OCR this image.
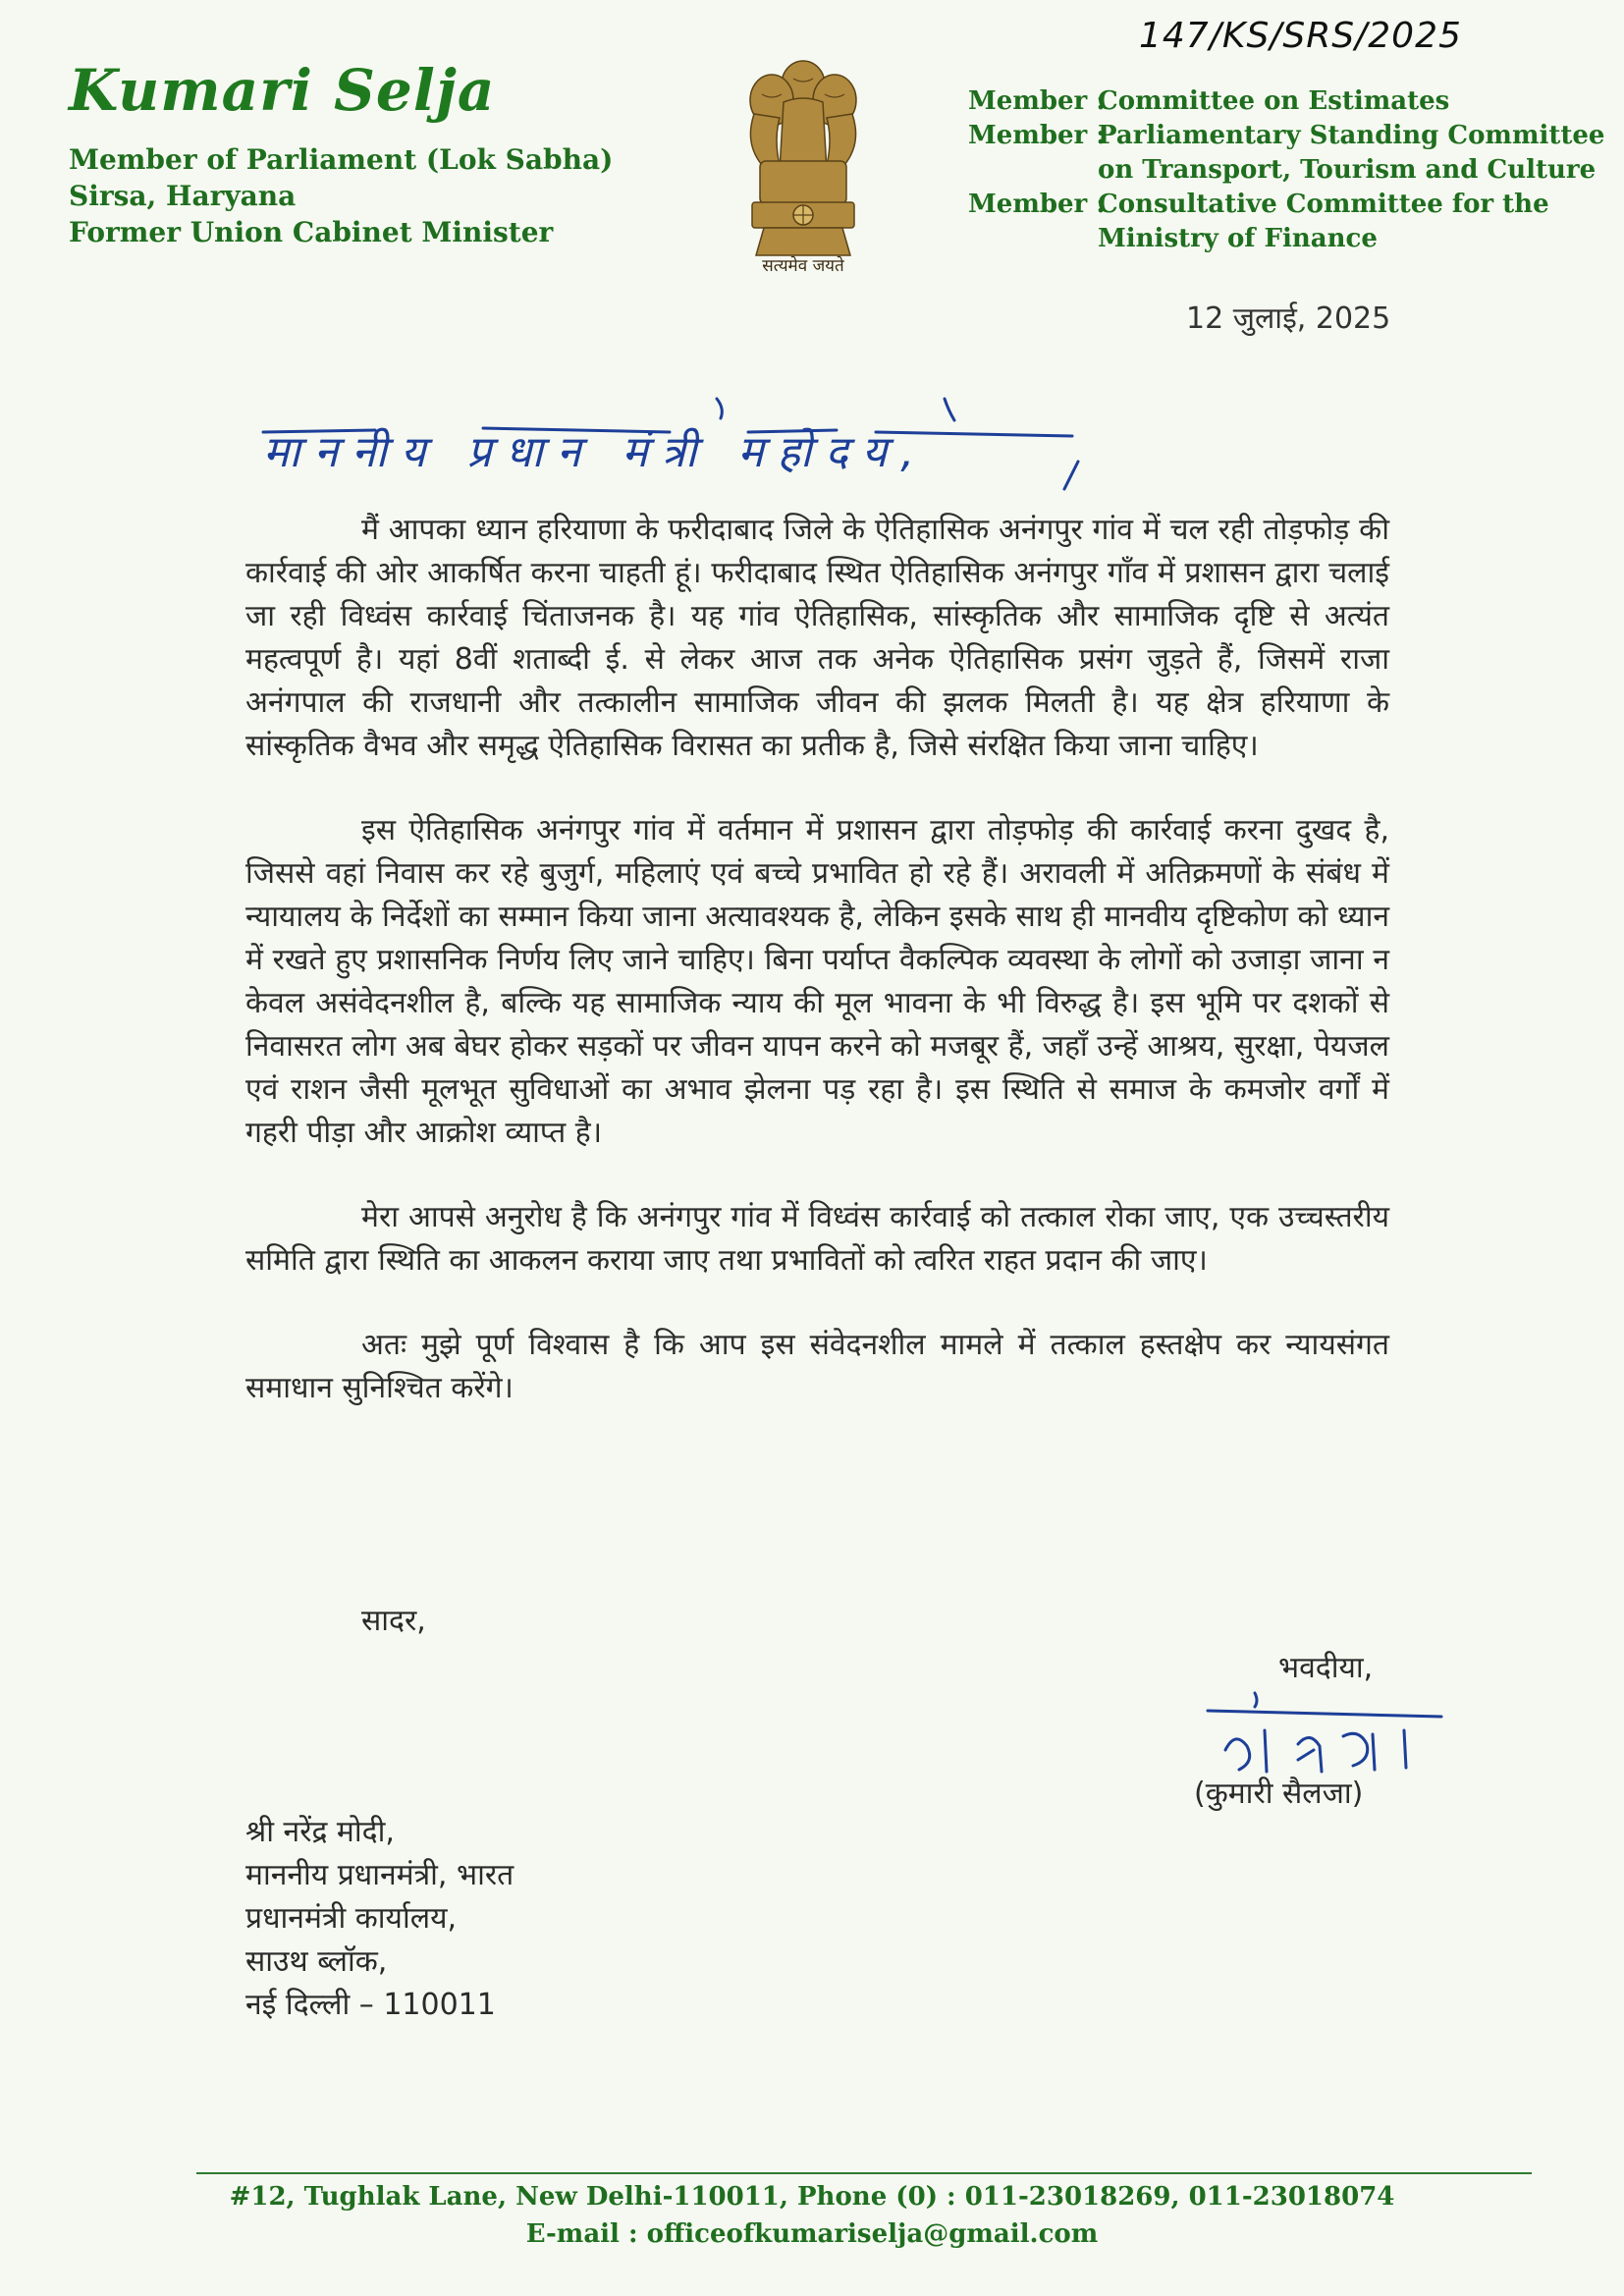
147/KS/SRS/2025
Kumari Selja
Member of Parliament (Lok Sabha)
Sirsa, Haryana
Former Union Cabinet Minister
सत्यमेव जयते
Member :
Committee on Estimates
Member :
Parliamentary Standing Committee
on Transport, Tourism and Culture
Member :
Consultative Committee for the
Ministry of Finance
12 जुलाई, 2025
माननीय प्रधान मंत्री महोदय,

मैं आपका ध्यान हरियाणा के फरीदाबाद जिले के ऐतिहासिक अनंगपुर गांव में चल रही तोड़फोड़ की कार्रवाई की ओर आकर्षित करना चाहती हूं। फरीदाबाद स्थित ऐतिहासिक अनंगपुर गाँव में प्रशासन द्वारा चलाई जा रही विध्वंस कार्रवाई चिंताजनक है। यह गांव ऐतिहासिक, सांस्कृतिक और सामाजिक दृष्टि से अत्यंत महत्वपूर्ण है। यहां 8वीं शताब्दी ई. से लेकर आज तक अनेक ऐतिहासिक प्रसंग जुड़ते हैं, जिसमें राजा अनंगपाल की राजधानी और तत्कालीन सामाजिक जीवन की झलक मिलती है। यह क्षेत्र हरियाणा के सांस्कृतिक वैभव और समृद्ध ऐतिहासिक विरासत का प्रतीक है, जिसे संरक्षित किया जाना चाहिए।

इस ऐतिहासिक अनंगपुर गांव में वर्तमान में प्रशासन द्वारा तोड़फोड़ की कार्रवाई करना दुखद है, जिससे वहां निवास कर रहे बुजुर्ग, महिलाएं एवं बच्चे प्रभावित हो रहे हैं। अरावली में अतिक्रमणों के संबंध में न्यायालय के निर्देशों का सम्मान किया जाना अत्यावश्यक है, लेकिन इसके साथ ही मानवीय दृष्टिकोण को ध्यान में रखते हुए प्रशासनिक निर्णय लिए जाने चाहिए। बिना पर्याप्त वैकल्पिक व्यवस्था के लोगों को उजाड़ा जाना न केवल असंवेदनशील है, बल्कि यह सामाजिक न्याय की मूल भावना के भी विरुद्ध है। इस भूमि पर दशकों से निवासरत लोग अब बेघर होकर सड़कों पर जीवन यापन करने को मजबूर हैं, जहाँ उन्हें आश्रय, सुरक्षा, पेयजल एवं राशन जैसी मूलभूत सुविधाओं का अभाव झेलना पड़ रहा है। इस स्थिति से समाज के कमजोर वर्गों में गहरी पीड़ा और आक्रोश व्याप्त है।

मेरा आपसे अनुरोध है कि अनंगपुर गांव में विध्वंस कार्रवाई को तत्काल रोका जाए, एक उच्चस्तरीय समिति द्वारा स्थिति का आकलन कराया जाए तथा प्रभावितों को त्वरित राहत प्रदान की जाए।

अतः मुझे पूर्ण विश्वास है कि आप इस संवेदनशील मामले में तत्काल हस्तक्षेप कर न्यायसंगत समाधान सुनिश्चित करेंगे।

सादर,
भवदीया,
(कुमारी सैलजा)
श्री नरेंद्र मोदी,
माननीय प्रधानमंत्री, भारत
प्रधानमंत्री कार्यालय,
साउथ ब्लॉक,
नई दिल्ली – 110011
#12, Tughlak Lane, New Delhi-110011, Phone (0) : 011-23018269, 011-23018074
E-mail : officeofkumariselja@gmail.com
